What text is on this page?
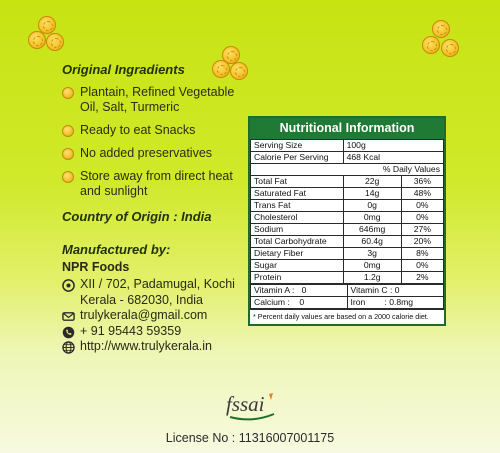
Original Ingradients
Plantain, Refined Vegetable Oil, Salt, Turmeric
Ready to eat Snacks
No added preservatives
Store away from direct heat and sunlight
Country of Origin : India
Manufactured by:
NPR Foods
XII / 702, Padamugal, Kochi Kerala - 682030, India
trulykerala@gmail.com
+ 91 95443 59359
http://www.trulykerala.in
Nutritional Information
Serving Size	100g	
Calorie Per Serving	468 Kcal	
% Daily Values		
Total Fat	22g	36%
Saturated Fat	14g	48%
Trans Fat	0g	0%
Cholesterol	0mg	0%
Sodium	646mg	27%
Total Carbohydrate	60.4g	20%
Dietary Fiber	3g	8%
Sugar	0mg	0%
Protein	1.2g	2%
Vitamin A : 0	Vitamin C : 0
Calcium : 0	Iron : 0.8mg
* Percent daily values are based on a 2000 calorie diet.
fssai
License No : 11316007001175
